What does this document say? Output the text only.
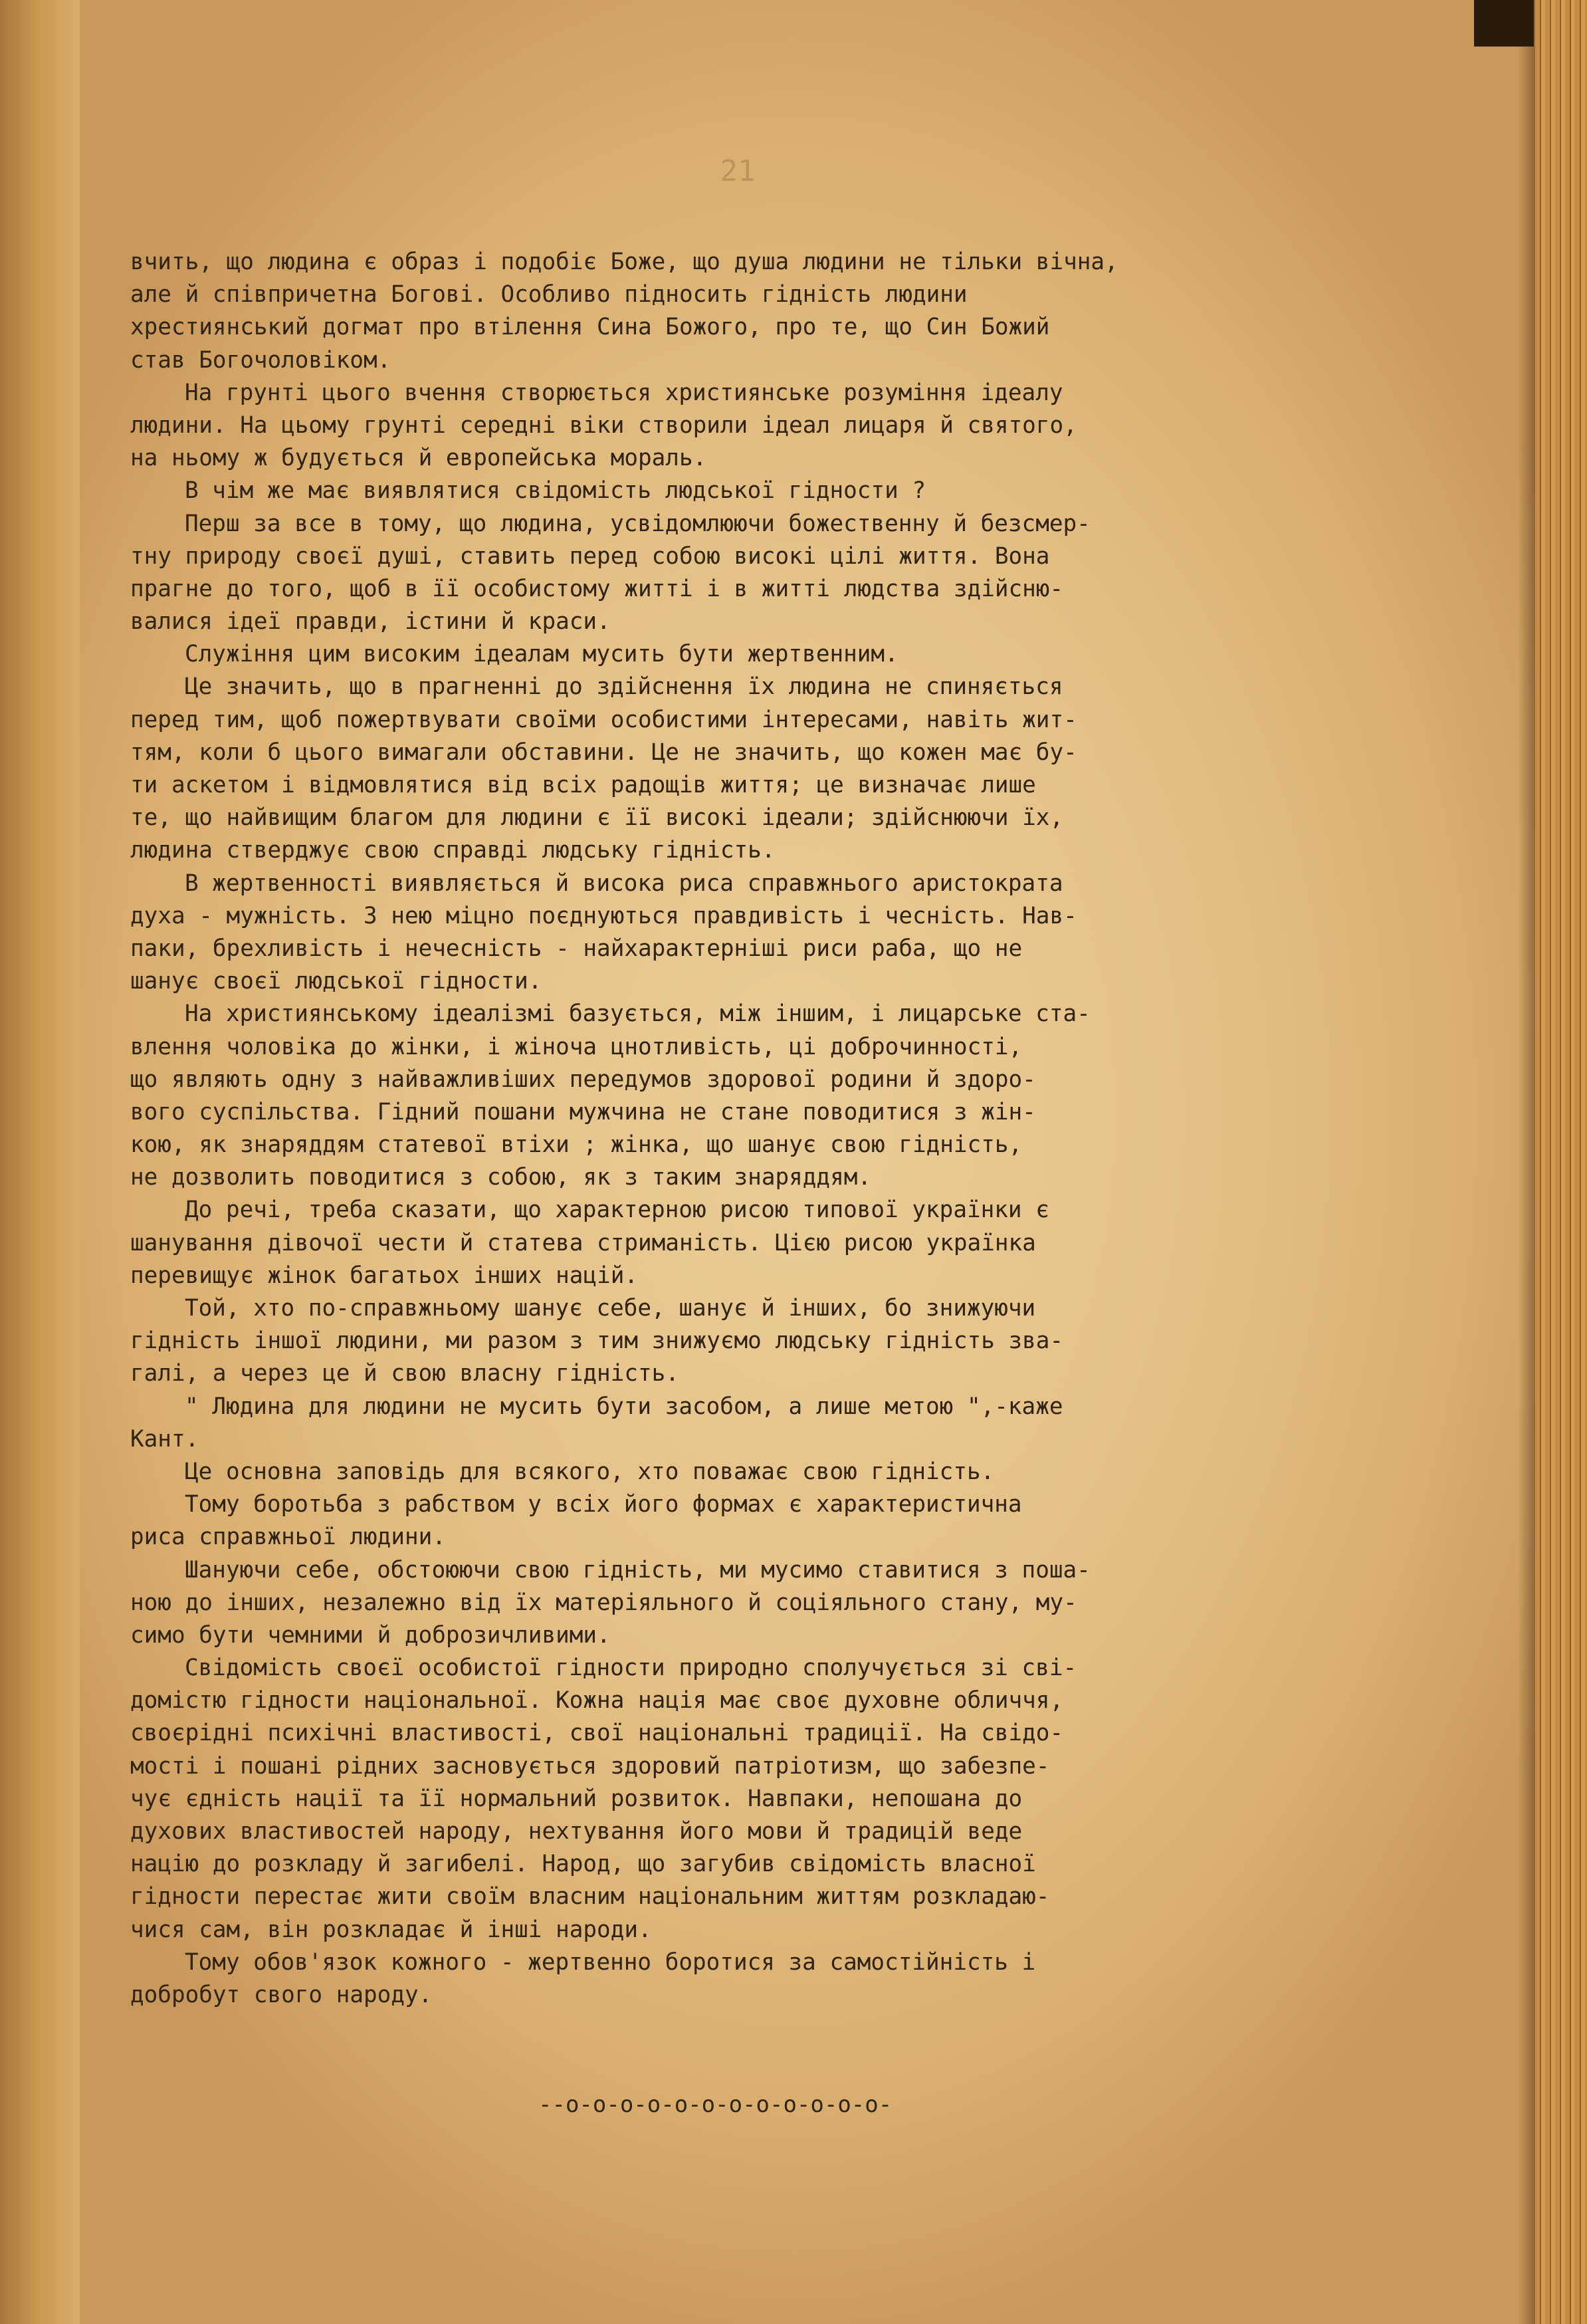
21
вчить, що людина є образ і подобіє Боже, що душа людини не тільки вічна,
але й співпричетна Богові. Особливо підносить гідність людини
хрестиянський догмат про втілення Сина Божого, про те, що Син Божий
став Богочоловіком.
На грунті цього вчення створюється християнське розуміння ідеалу
людини. На цьому грунті середні віки створили ідеал лицаря й святого,
на ньому ж будується й европейська мораль.
В чім же має виявлятися свідомість людської гідности ?
Перш за все в тому, що людина, усвідомлюючи божественну й безсмер-
тну природу своєї душі, ставить перед собою високі цілі життя. Вона
прагне до того, щоб в її особистому житті і в житті людства здійсню-
валися ідеї правди, істини й краси.
Служіння цим високим ідеалам мусить бути жертвенним.
Це значить, що в прагненні до здійснення їх людина не спиняється
перед тим, щоб пожертвувати своїми особистими інтересами, навіть жит-
тям, коли б цього вимагали обставини. Це не значить, що кожен має бу-
ти аскетом і відмовлятися від всіх радощів життя; це визначає лише
те, що найвищим благом для людини є її високі ідеали; здійснюючи їх,
людина стверджує свою справді людську гідність.
В жертвенності виявляється й висока риса справжнього аристократа
духа - мужність. З нею міцно поєднуються правдивість і чесність. Нав-
паки, брехливість і нечесність - найхарактерніші риси раба, що не
шанує своєї людської гідности.
На християнському ідеалізмі базується, між іншим, і лицарське ста-
влення чоловіка до жінки, і жіноча цнотливість, ці доброчинності,
що являють одну з найважливіших передумов здорової родини й здоро-
вого суспільства. Гідний пошани мужчина не стане поводитися з жін-
кою, як знаряддям статевої втіхи ; жінка, що шанує свою гідність,
не дозволить поводитися з собою, як з таким знаряддям.
До речі, треба сказати, що характерною рисою типової українки є
шанування дівочої чести й статева стриманість. Цією рисою українка
перевищує жінок багатьох інших націй.
Той, хто по-справжньому шанує себе, шанує й інших, бо знижуючи
гідність іншої людини, ми разом з тим знижуємо людську гідність зва-
галі, а через це й свою власну гідність.
" Людина для людини не мусить бути засобом, а лише метою ",-каже
Кант.
Це основна заповідь для всякого, хто поважає свою гідність.
Тому боротьба з рабством у всіх його формах є характеристична
риса справжньої людини.
Шануючи себе, обстоюючи свою гідність, ми мусимо ставитися з поша-
ною до інших, незалежно від їх матеріяльного й соціяльного стану, му-
симо бути чемними й доброзичливими.
Свідомість своєї особистої гідности природно сполучується зі сві-
домістю гідности національної. Кожна нація має своє духовне обличчя,
своєрідні психічні властивості, свої національні традиції. На свідо-
мості і пошані рідних засновується здоровий патріотизм, що забезпе-
чує єдність нації та її нормальний розвиток. Навпаки, непошана до
духових властивостей народу, нехтування його мови й традицій веде
націю до розкладу й загибелі. Народ, що загубив свідомість власної
гідности перестає жити своїм власним національним життям розкладаю-
чися сам, він розкладає й інші народи.
Тому обов'язок кожного - жертвенно боротися за самостійність і
добробут свого народу.
--о-о-о-о-о-о-о-о-о-о-о-о-
